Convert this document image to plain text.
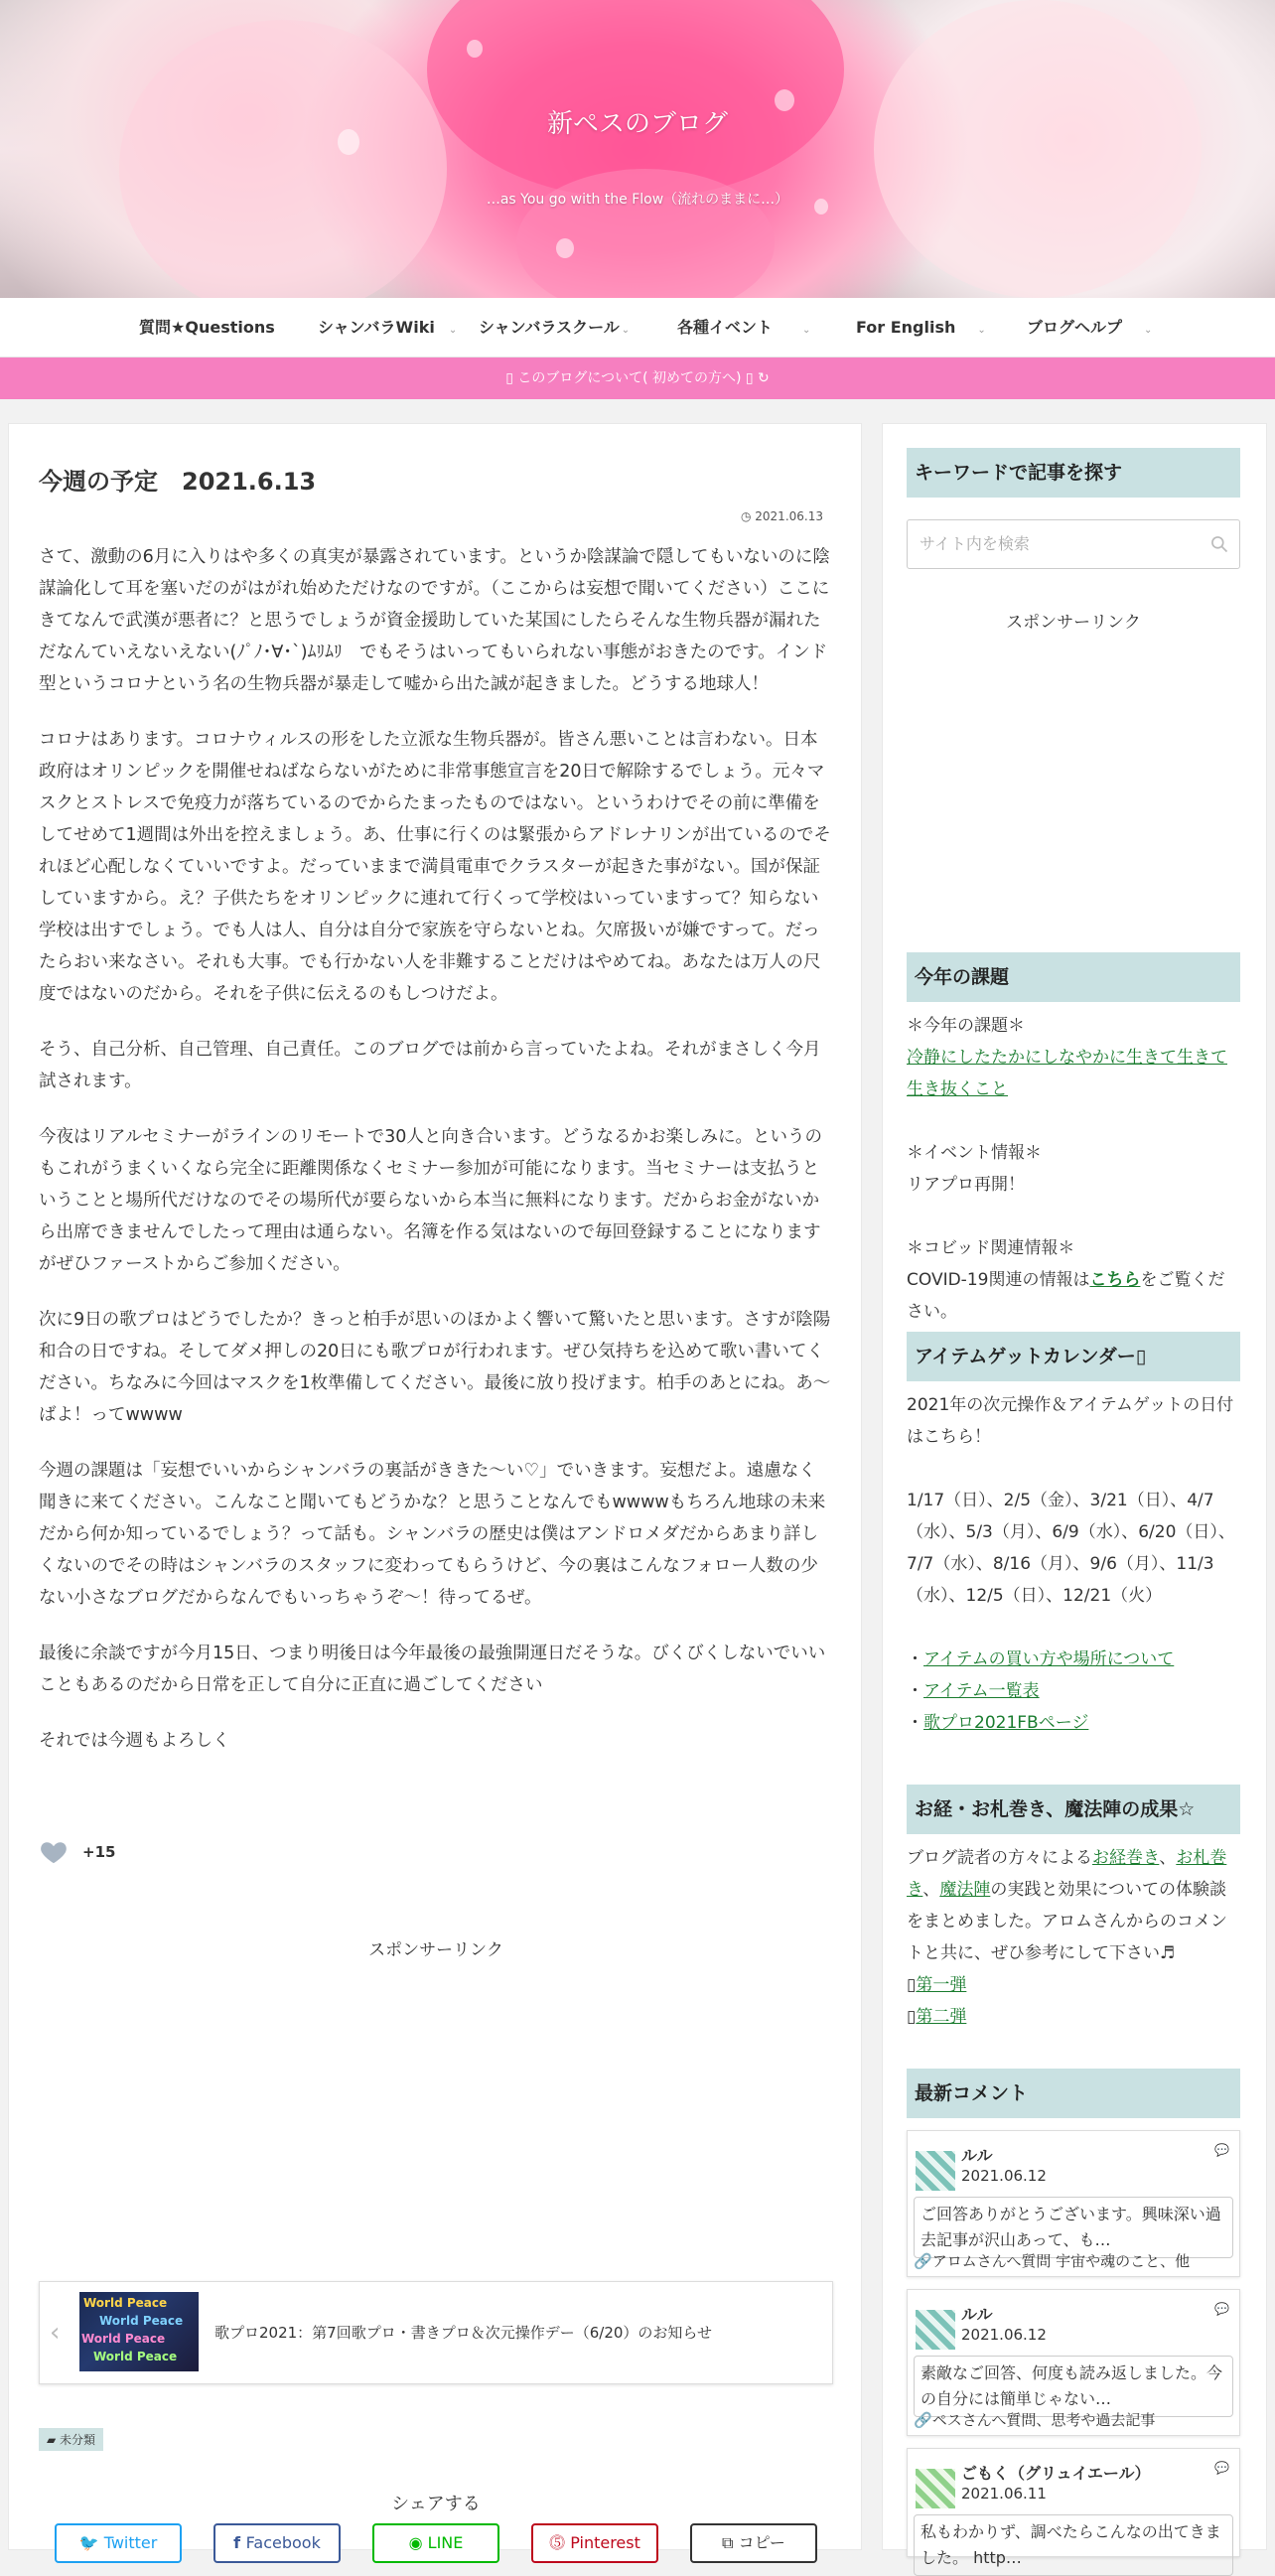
新ペスのブログ
…as You go with the Flow（流れのままに…）
質問★Questions	シャンバラWiki ⌄ シャンバラスクール ⌄	各種イベント	⌄	For English ⌄	ブログヘルプ ⌄
▯ このブログについて( 初めての方へ) ▯ ↻
今週の予定　2021.6.13
◷ 2021.06.13

さて、激動の6月に入りはや多くの真実が暴露されています。というか陰謀論で隠してもいないのに陰謀論化して耳を塞いだのがはがれ始めただけなのですが。（ここからは妄想で聞いてください）ここにきてなんで武漢が悪者に？と思うでしょうが資金援助していた某国にしたらそんな生物兵器が漏れただなんていえないえない(ﾉﾟﾉ･∀･`)ﾑﾘﾑﾘ　でもそうはいってもいられない事態がおきたのです。インド型というコロナという名の生物兵器が暴走して嘘から出た誠が起きました。どうする地球人！

コロナはあります。コロナウィルスの形をした立派な生物兵器が。皆さん悪いことは言わない。日本政府はオリンピックを開催せねばならないがために非常事態宣言を20日で解除するでしょう。元々マスクとストレスで免疫力が落ちているのでからたまったものではない。というわけでその前に準備をしてせめて1週間は外出を控えましょう。あ、仕事に行くのは緊張からアドレナリンが出ているのでそれほど心配しなくていいですよ。だっていままで満員電車でクラスターが起きた事がない。国が保証していますから。え？子供たちをオリンピックに連れて行くって学校はいっていますって？知らない学校は出すでしょう。でも人は人、自分は自分で家族を守らないとね。欠席扱いが嫌ですって。だったらおい来なさい。それも大事。でも行かない人を非難することだけはやめてね。あなたは万人の尺度ではないのだから。それを子供に伝えるのもしつけだよ。

そう、自己分析、自己管理、自己責任。このブログでは前から言っていたよね。それがまさしく今月試されます。

今夜はリアルセミナーがラインのリモートで30人と向き合います。どうなるかお楽しみに。というのもこれがうまくいくなら完全に距離関係なくセミナー参加が可能になります。当セミナーは支払うということと場所代だけなのでその場所代が要らないから本当に無料になります。だからお金がないから出席できませんでしたって理由は通らない。名簿を作る気はないので毎回登録することになりますがぜひファーストからご参加ください。

次に9日の歌プロはどうでしたか？きっと柏手が思いのほかよく響いて驚いたと思います。さすが陰陽和合の日ですね。そしてダメ押しの20日にも歌プロが行われます。ぜひ気持ちを込めて歌い書いてください。ちなみに今回はマスクを1枚準備してください。最後に放り投げます。柏手のあとにね。あ〜ばよ！ってwwww

今週の課題は「妄想でいいからシャンバラの裏話がききた〜い♡」でいきます。妄想だよ。遠慮なく聞きに来てください。こんなこと聞いてもどうかな？と思うことなんでもwwwwもちろん地球の未来だから何か知っているでしょう？って話も。シャンバラの歴史は僕はアンドロメダだからあまり詳しくないのでその時はシャンバラのスタッフに変わってもらうけど、今の裏はこんなフォロー人数の少ない小さなブログだからなんでもいっちゃうぞ〜！待ってるぜ。

最後に余談ですが今月15日、つまり明後日は今年最後の最強開運日だそうな。びくびくしないでいいこともあるのだから日常を正して自分に正直に過ごしてください

それでは今週もよろしく

+15
スポンサーリンク
‹
World Peace
World Peace
World Peace
World Peace
歌プロ2021：第7回歌プロ・書きプロ＆次元操作デー（6/20）のお知らせ
▰ 未分類
シェアする
🐦 Twitter	f Facebook	◉ LINE	⓹ Pinterest	⧉ コピー
キーワードで記事を探す
サイト内を検索
スポンサーリンク
今年の課題
＊今年の課題＊
冷静にしたたかにしなやかに生きて生きて生き抜くこと
＊イベント情報＊
リアプロ再開！
＊コビッド関連情報＊
COVID-19関連の情報はこちらをご覧ください。
アイテムゲットカレンダー▯
2021年の次元操作＆アイテムゲットの日付はこちら！
1/17（日）、2/5（金）、3/21（日）、4/7（水）、5/3（月）、6/9（水）、6/20（日）、7/7（水）、8/16（月）、9/6（月）、11/3（水）、12/5（日）、12/21（火）
・アイテムの買い方や場所について
・アイテム一覧表
・歌プロ2021FBページ
お経・お札巻き、魔法陣の成果☆
ブログ読者の方々によるお経巻き、お札巻き、魔法陣の実践と効果についての体験談をまとめました。アロムさんからのコメントと共に、ぜひ参考にして下さい♬
▯第一弾
▯第二弾
最新コメント
ルル
2021.06.12
💬
ご回答ありがとうございます。興味深い過去記事が沢山あって、も…
🔗アロムさんへ質問 宇宙や魂のこと、他
ルル
2021.06.12
💬
素敵なご回答、何度も読み返しました。今の自分には簡単じゃない…
🔗ペスさんへ質問、思考や過去記事
ごもく（グリュイエール）
2021.06.11
💬
私もわかりず、調べたらこんなの出てきました。 http…
